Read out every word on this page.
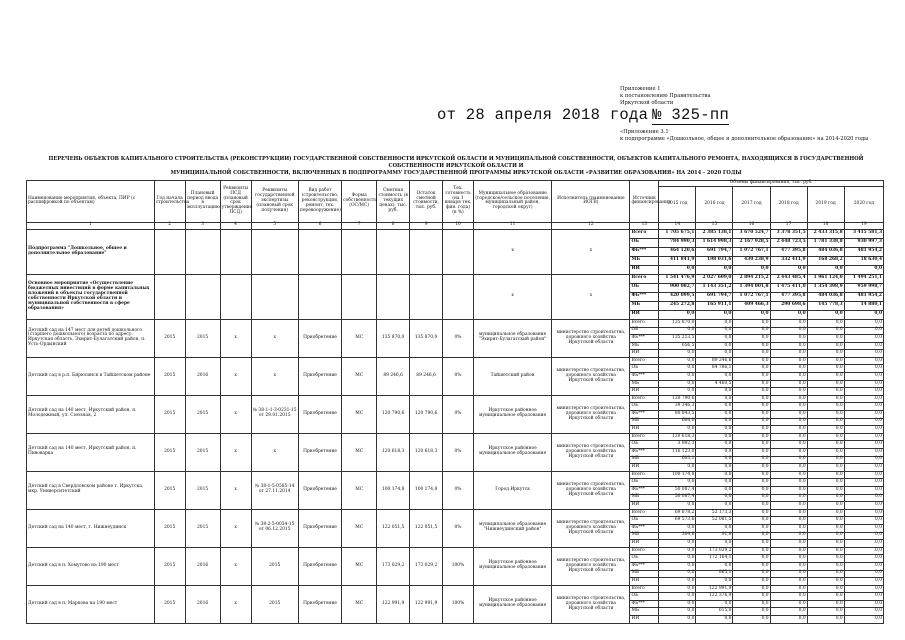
Приложение 1
к постановлению Правительства
Иркутской области
от 28 апреля 2018 года № 325-пп
«Приложение 3.1
к подпрограмме «Дошкольное, общее и дополнительное образование» на 2014-2020 годы
ПЕРЕЧЕНЬ ОБЪЕКТОВ КАПИТАЛЬНОГО СТРОИТЕЛЬСТВА (РЕКОНСТРУКЦИИ) ГОСУДАРСТВЕННОЙ СОБСТВЕННОСТИ ИРКУТСКОЙ ОБЛАСТИ И МУНИЦИПАЛЬНОЙ СОБСТВЕННОСТИ, ОБЪЕКТОВ КАПИТАЛЬНОГО РЕМОНТА, НАХОДЯЩИХСЯ В ГОСУДАРСТВЕННОЙ СОБСТВЕННОСТИ ИРКУТСКОЙ ОБЛАСТИ И
МУНИЦИПАЛЬНОЙ СОБСТВЕННОСТИ, ВКЛЮЧЕННЫХ В ПОДПРОГРАММУ ГОСУДАРСТВЕННОЙ ПРОГРАММЫ ИРКУТСКОЙ ОБЛАСТИ «РАЗВИТИЕ ОБРАЗОВАНИЯ» НА 2014 - 2020 ГОДЫ
Наименование мероприятия, объекта, ПИР (с расшифровкой по объектам)	Год начала строительства	Плановый период ввода в эксплуатацию	Реквизиты ПСД (плановый срок утверждения ПСД)	Реквизиты государственной экспертизы (плановый срок получения)	Вид работ (строительство, реконструкция, ремонт, тех. перевооружение)	Форма собственности (ОС/МС)	Сметная стоимость (в текущих ценах), тыс. руб.	Остаток сметной стоимости, тыс. руб.	Тех. готовность (на 1 января тек. фин. года) (в %)	Муниципальное образование (городское/сельское поселение, муниципальный район, городской округ)	Исполнитель (наименование ИОГВ)	Источник финансирования	Объемы финансирования, тыс. руб.					
													2015 год	2016 год	2017 год	2018 год	2019 год	2020 год
1	2	3	4	5	6	7	8	9	10	11	12	13	14	15	16	17	18	19
Подпрограмма "Дошкольное, общее и дополнительное образование"										x	x	Всего	1 705 675,1	2 385 138,1	3 670 524,7	3 378 351,5	2 433 315,8	3 415 581,3
												ОБ	784 990,3	1 614 998,3	2 167 928,5	2 448 723,5	1 781 338,8	930 997,3
												ФБ***	464 120,6	691 794,7	1 072 767,1	477 395,8	484 036,8	481 954,2
												МБ	411 841,9	198 031,6	430 238,9	332 411,9	168 268,2	18 630,4
												ИИ	0,0	0,0	0,0	0,0	0,0	0,0
Основное мероприятие «Осуществление бюджетных инвестиций в форме капитальных вложений в объекты государственной собственности Иркутской области и муниципальной собственности в сфере образования»										x	x	Всего	1 541 476,9	2 027 609,0	2 894 215,2	2 443 485,4	1 961 124,0	1 494 251,1
												ОБ	900 082,7	1 143 351,2	1 394 001,8	1 475 411,0	1 354 398,9	959 998,7
												ФБ***	420 099,5	691 794,7	1 072 767,1	477 395,8	484 036,8	481 954,2
												МБ	245 272,8	165 911,1	409 466,3	290 698,6	145 778,3	14 880,1
												ИИ	0,0	0,0	0,0	0,0	0,0	0,0
Детский сад на 147 мест для детей дошкольного (старшего дошкольного) возраста по адресу: Иркутская область, Эхирит-Булагатский район, п. Усть-Ордынский	2015	2015	x	x	Приобретение	МС	135 870,0	135 870,0	0%	муниципальное образование "Эхирит-Булагатский район"	министерство строительства, дорожного хозяйства Иркутской области	Всего	135 870,0	0,0	0,0	0,0	0,0	0,0
												ОБ	0,0	0,0	0,0	0,0	0,0	0,0
												ФБ***	135 213,5	0,0	0,0	0,0	0,0	0,0
												МБ	656,5	0,0	0,0	0,0	0,0	0,0
												ИИ	0,0	0,0	0,0	0,0	0,0	0,0
Детский сад в р.п. Бирюсинск в Тайшетском районе	2015	2016	x	x	Приобретение	МС	89 246,6	89 246,6	0%	Тайшетский район	министерство строительства, дорожного хозяйства Иркутской области	Всего	0,0	89 246,6	0,0	0,0	0,0	0,0
												ОБ	0,0	84 786,1	0,0	0,0	0,0	0,0
												ФБ***	0,0	0,0	0,0	0,0	0,0	0,0
												МБ	0,0	4 460,5	0,0	0,0	0,0	0,0
												ИИ	0,0	0,0	0,0	0,0	0,0	0,0
Детский сад на 140 мест, Иркутский район, п. Молодежный, ул. Союзная, 2	2015	2015	x	№ 38-1-1-3-0231-15 от 29.01.2015	Приобретение	МС	120 790,6	120 790,6	0%	Иркутское районное муниципальное образование	министерство строительства, дорожного хозяйства Иркутской области	Всего	120 790,6	0,0	0,0	0,0	0,0	0,0
												ОБ	39 346,3	0,0	0,0	0,0	0,0	0,0
												ФБ***	80 843,5	0,0	0,0	0,0	0,0	0,0
												МБ	604,0	0,0	0,0	0,0	0,0	0,0
												ИИ	0,0	0,0	0,0	0,0	0,0	0,0
Детский сад на 140 мест, Иркутский район, п. Пивоварка	2015	2015	x	x	Приобретение	МС	120 618,3	120 618,3	0%	Иркутское районное муниципальное образование	министерство строительства, дорожного хозяйства Иркутской области	Всего	120 618,3	0,0	0,0	0,0	0,0	0,0
												ОБ	3 892,3	0,0	0,0	0,0	0,0	0,0
												ФБ***	116 123,0	0,0	0,0	0,0	0,0	0,0
												МБ	603,1	0,0	0,0	0,0	0,0	0,0
												ИИ	0,0	0,0	0,0	0,0	0,0	0,0
Детский сад в Свердловском районе г. Иркутска, мкр. Университетский	2015	2015	x	№ 38-1-5-0585-14 от 27.11.2014	Приобретение	МС	100 174,8	100 174,8	0%	Город Иркутск	министерство строительства, дорожного хозяйства Иркутской области	Всего	100 174,8	0,0	0,0	0,0	0,0	0,0
												ОБ	0,0	0,0	0,0	0,0	0,0	0,0
												ФБ***	50 087,4	0,0	0,0	0,0	0,0	0,0
												МБ	50 087,4	0,0	0,0	0,0	0,0	0,0
												ИИ	0,0	0,0	0,0	0,0	0,0	0,0
Детский сад на 140 мест, г. Нижнеудинск	2015	2015	x	№ 38-2-5-0034-15 от 06.12.2015	Приобретение	МС	122 051,5	122 051,5	0%	муниципальное образование "Нижнеудинский район"	министерство строительства, дорожного хозяйства Иркутской области	Всего	69 878,2	52 173,3	0,0	0,0	0,0	0,0
												ОБ	69 573,6	52 081,5	0,0	0,0	0,0	0,0
												ФБ***	0,0	0,0	0,0	0,0	0,0	0,0
												МБ	304,6	91,8	0,0	0,0	0,0	0,0
												ИИ	0,0	0,0	0,0	0,0	0,0	0,0
Детский сад в п. Хомутово на 190 мест	2015	2016	x	2015	Приобретение	МС	173 029,2	173 029,2	100%	Иркутское районное муниципальное образование	министерство строительства, дорожного хозяйства Иркутской области	Всего	0,0	173 029,2	0,0	0,0	0,0	0,0
												ОБ	0,0	172 164,1	0,0	0,0	0,0	0,0
												ФБ***	0,0	0,0	0,0	0,0	0,0	0,0
												МБ	0,0	865,1	0,0	0,0	0,0	0,0
												ИИ	0,0	0,0	0,0	0,0	0,0	0,0
Детский сад в п. Маркова на 190 мест	2015	2016	x	2015	Приобретение	МС	122 991,9	122 991,9	100%	Иркутское районное муниципальное образование	министерство строительства, дорожного хозяйства Иркутской области	Всего	0,0	122 991,9	0,0	0,0	0,0	0,0
												ОБ	0,0	122 376,9	0,0	0,0	0,0	0,0
												ФБ***	0,0	0,0	0,0	0,0	0,0	0,0
												МБ	0,0	615,0	0,0	0,0	0,0	0,0
												ИИ	0,0	0,0	0,0	0,0	0,0	0,0
